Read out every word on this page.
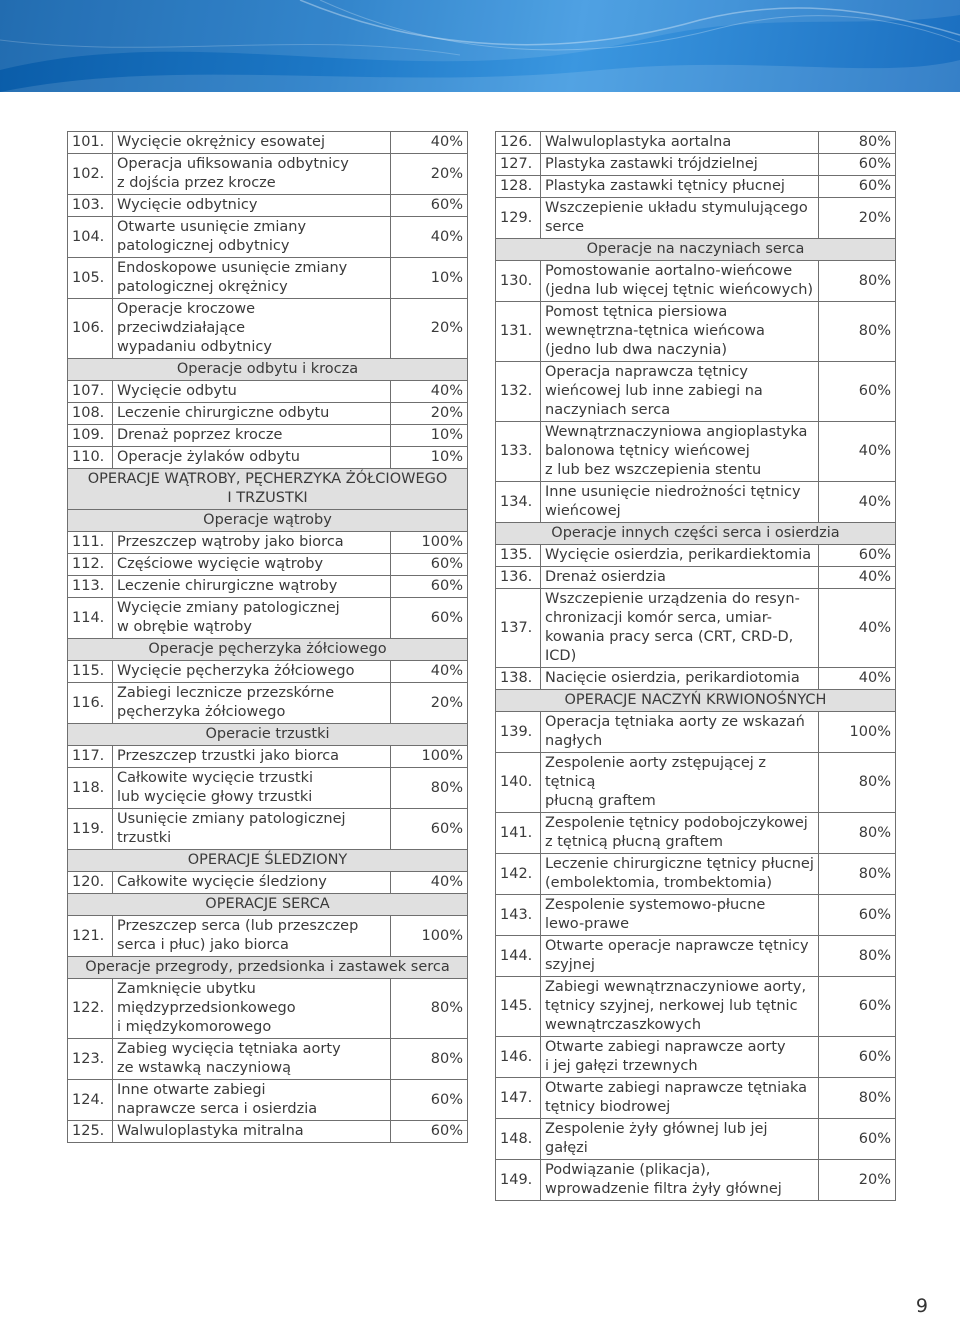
101.	Wycięcie okrężnicy esowatej	40%
102.	Operacja ufiksowania odbytnicy
z dojścia przez krocze	20%
103.	Wycięcie odbytnicy	60%
104.	Otwarte usunięcie zmiany
patologicznej odbytnicy	40%
105.	Endoskopowe usunięcie zmiany
patologicznej okrężnicy	10%
106.	Operacje kroczowe przeciwdziałające
wypadaniu odbytnicy	20%

Operacje odbytu i krocza		

107.	Wycięcie odbytu	40%
108.	Leczenie chirurgiczne odbytu	20%
109.	Drenaż poprzez krocze	10%
110.	Operacje żylaków odbytu	10%

OPERACJE WĄTROBY, PĘCHERZYKA ŻÓŁCIOWEGO
I TRZUSTKI		

Operacje wątroby		

111.	Przeszczep wątroby jako biorca	100%
112.	Częściowe wycięcie wątroby	60%
113.	Leczenie chirurgiczne wątroby	60%
114.	Wycięcie zmiany patologicznej
w obrębie wątroby	60%

Operacje pęcherzyka żółciowego		

115.	Wycięcie pęcherzyka żółciowego	40%
116.	Zabiegi lecznicze przezskórne
pęcherzyka żółciowego	20%

Operacie trzustki		

117.	Przeszczep trzustki jako biorca	100%
118.	Całkowite wycięcie trzustki
lub wycięcie głowy trzustki	80%
119.	Usunięcie zmiany patologicznej
trzustki	60%

OPERACJE ŚLEDZIONY		

120.	Całkowite wycięcie śledziony	40%

OPERACJE SERCA		

121.	Przeszczep serca (lub przeszczep
serca i płuc) jako biorca	100%

Operacje przegrody, przedsionka i zastawek serca		

122.	Zamknięcie ubytku
międzyprzedsionkowego
i międzykomorowego	80%
123.	Zabieg wycięcia tętniaka aorty
ze wstawką naczyniową	80%
124.	Inne otwarte zabiegi
naprawcze serca i osierdzia	60%
125.	Walwuloplastyka mitralna	60%
126.	Walwuloplastyka aortalna	80%
127.	Plastyka zastawki trójdzielnej	60%
128.	Plastyka zastawki tętnicy płucnej	60%
129.	Wszczepienie układu stymulującego
serce	20%

Operacje na naczyniach serca		

130.	Pomostowanie aortalno-wieńcowe
(jedna lub więcej tętnic wieńcowych)	80%
131.	Pomost tętnica piersiowa
wewnętrzna-tętnica wieńcowa
(jedno lub dwa naczynia)	80%
132.	Operacja naprawcza tętnicy
wieńcowej lub inne zabiegi na
naczyniach serca	60%
133.	Wewnątrznaczyniowa angioplastyka
balonowa tętnicy wieńcowej
z lub bez wszczepienia stentu	40%
134.	Inne usunięcie niedrożności tętnicy
wieńcowej	40%

Operacje innych części serca i osierdzia		

135.	Wycięcie osierdzia, perikardiektomia	60%
136.	Drenaż osierdzia	40%
137.	Wszczepienie urządzenia do resyn-
chronizacji komór serca, umiar-
kowania pracy serca (CRT, CRD-D, ICD)	40%
138.	Nacięcie osierdzia, perikardiotomia	40%

OPERACJE NACZYŃ KRWIONOŚNYCH		

139.	Operacja tętniaka aorty ze wskazań
nagłych	100%
140.	Zespolenie aorty zstępującej z tętnicą
płucną graftem	80%
141.	Zespolenie tętnicy podobojczykowej
z tętnicą płucną graftem	80%
142.	Leczenie chirurgiczne tętnicy płucnej
(embolektomia, trombektomia)	80%
143.	Zespolenie systemowo-płucne
lewo-prawe	60%
144.	Otwarte operacje naprawcze tętnicy
szyjnej	80%
145.	Zabiegi wewnątrznaczyniowe aorty,
tętnicy szyjnej, nerkowej lub tętnic
wewnątrczaszkowych	60%
146.	Otwarte zabiegi naprawcze aorty
i jej gałęzi trzewnych	60%
147.	Otwarte zabiegi naprawcze tętniaka
tętnicy biodrowej	80%
148.	Zespolenie żyły głównej lub jej gałęzi	60%
149.	Podwiązanie (plikacja),
wprowadzenie filtra żyły głównej	20%
9
